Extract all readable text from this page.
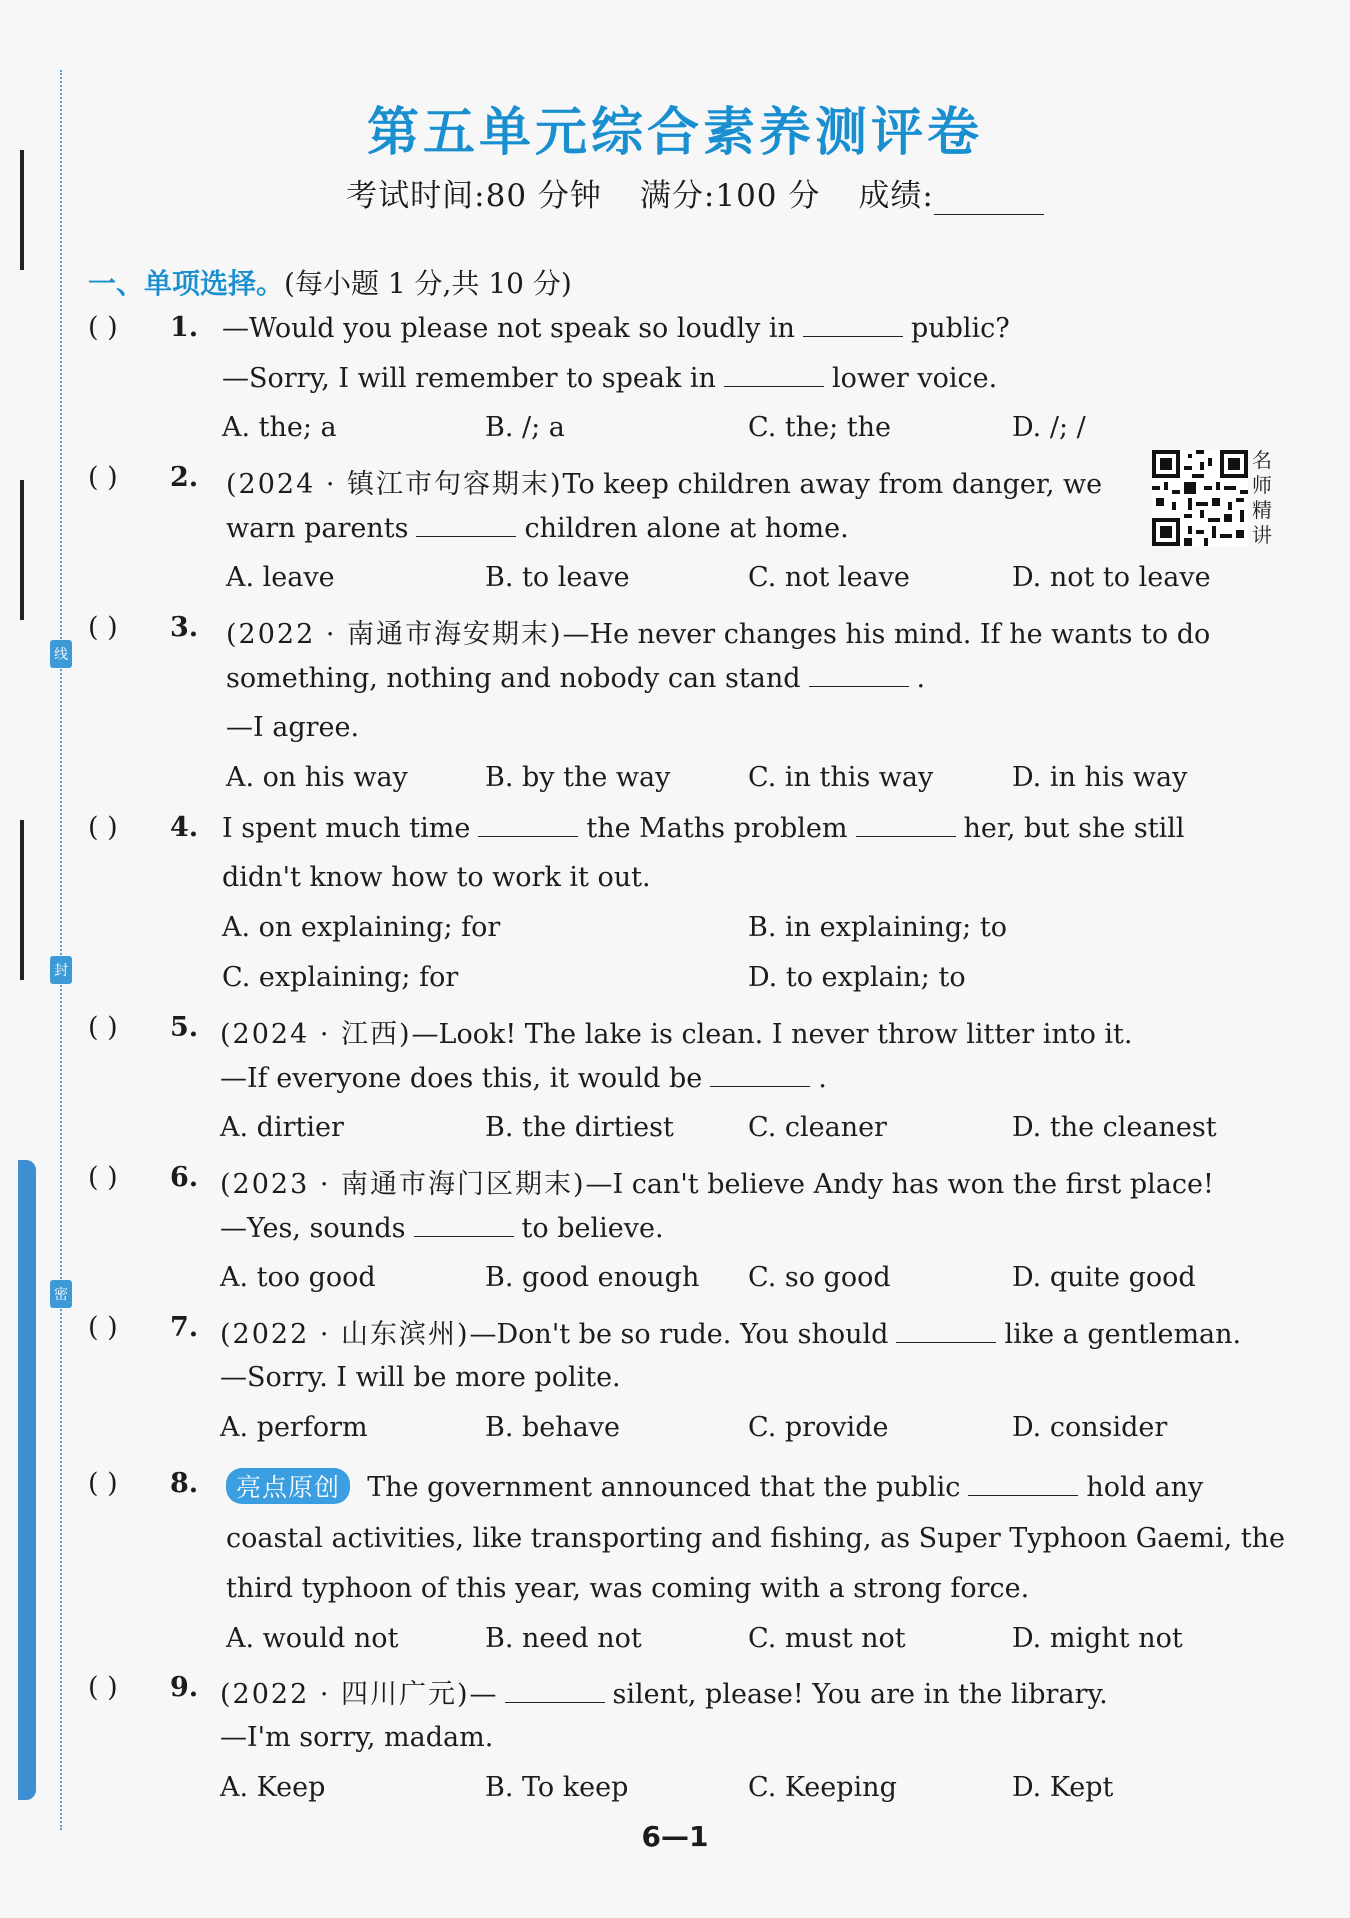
线
封
密
第五单元综合素养测评卷
考试时间:80 分钟 满分:100 分 成绩:
一、单项选择。(每小题 1 分,共 10 分)
名
师
精
讲
( ) 1. —Would you please not speak so loudly in	public?
—Sorry, I will remember to speak in	lower voice.
A. the; a	B. /; a	C. the; the	D. /; /
( ) 2. (2024 · 镇江市句容期末)To keep children away from danger, we
warn parents	children alone at home.
A. leave	B. to leave	C. not leave	D. not to leave
( ) 3. (2022 · 南通市海安期末)—He never changes his mind. If he wants to do
something, nothing and nobody can stand	.
—I agree.
A. on his way	B. by the way	C. in this way	D. in his way
( ) 4. I spent much time	the Maths problem	her, but she still
didn't know how to work it out.
A. on explaining; for	B. in explaining; to
C. explaining; for	D. to explain; to
( ) 5. (2024 · 江西)—Look! The lake is clean. I never throw litter into it.
—If everyone does this, it would be	.
A. dirtier	B. the dirtiest	C. cleaner	D. the cleanest
( ) 6. (2023 · 南通市海门区期末)—I can't believe Andy has won the first place!
—Yes, sounds	to believe.
A. too good	B. good enough C. so good	D. quite good
( ) 7. (2022 · 山东滨州)—Don't be so rude. You should	like a gentleman.
—Sorry. I will be more polite.
A. perform	B. behave	C. provide	D. consider
( ) 8.	亮点原创 The government announced that the public	hold any
coastal activities, like transporting and fishing, as Super Typhoon Gaemi, the
third typhoon of this year, was coming with a strong force.
A. would not	B. need not	C. must not	D. might not
( ) 9. (2022 · 四川广元)—	silent, please! You are in the library.
—I'm sorry, madam.
A. Keep	B. To keep	C. Keeping	D. Kept
6—1
